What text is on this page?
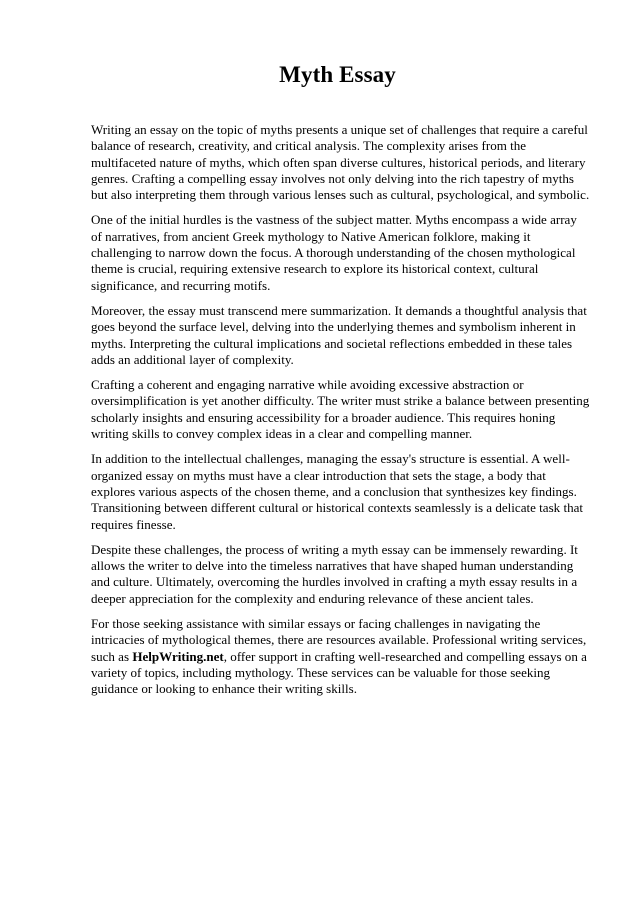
Myth Essay

Writing an essay on the topic of myths presents a unique set of challenges that require a careful balance of research, creativity, and critical analysis. The complexity arises from the multifaceted nature of myths, which often span diverse cultures, historical periods, and literary genres. Crafting a compelling essay involves not only delving into the rich tapestry of myths but also interpreting them through various lenses such as cultural, psychological, and symbolic.

One of the initial hurdles is the vastness of the subject matter. Myths encompass a wide array of narratives, from ancient Greek mythology to Native American folklore, making it challenging to narrow down the focus. A thorough understanding of the chosen mythological theme is crucial, requiring extensive research to explore its historical context, cultural significance, and recurring motifs.

Moreover, the essay must transcend mere summarization. It demands a thoughtful analysis that goes beyond the surface level, delving into the underlying themes and symbolism inherent in myths. Interpreting the cultural implications and societal reflections embedded in these tales adds an additional layer of complexity.

Crafting a coherent and engaging narrative while avoiding excessive abstraction or oversimplification is yet another difficulty. The writer must strike a balance between presenting scholarly insights and ensuring accessibility for a broader audience. This requires honing writing skills to convey complex ideas in a clear and compelling manner.

In addition to the intellectual challenges, managing the essay's structure is essential. A well-organized essay on myths must have a clear introduction that sets the stage, a body that explores various aspects of the chosen theme, and a conclusion that synthesizes key findings. Transitioning between different cultural or historical contexts seamlessly is a delicate task that requires finesse.

Despite these challenges, the process of writing a myth essay can be immensely rewarding. It allows the writer to delve into the timeless narratives that have shaped human understanding and culture. Ultimately, overcoming the hurdles involved in crafting a myth essay results in a deeper appreciation for the complexity and enduring relevance of these ancient tales.

For those seeking assistance with similar essays or facing challenges in navigating the intricacies of mythological themes, there are resources available. Professional writing services, such as HelpWriting.net, offer support in crafting well-researched and compelling essays on a variety of topics, including mythology. These services can be valuable for those seeking guidance or looking to enhance their writing skills.
